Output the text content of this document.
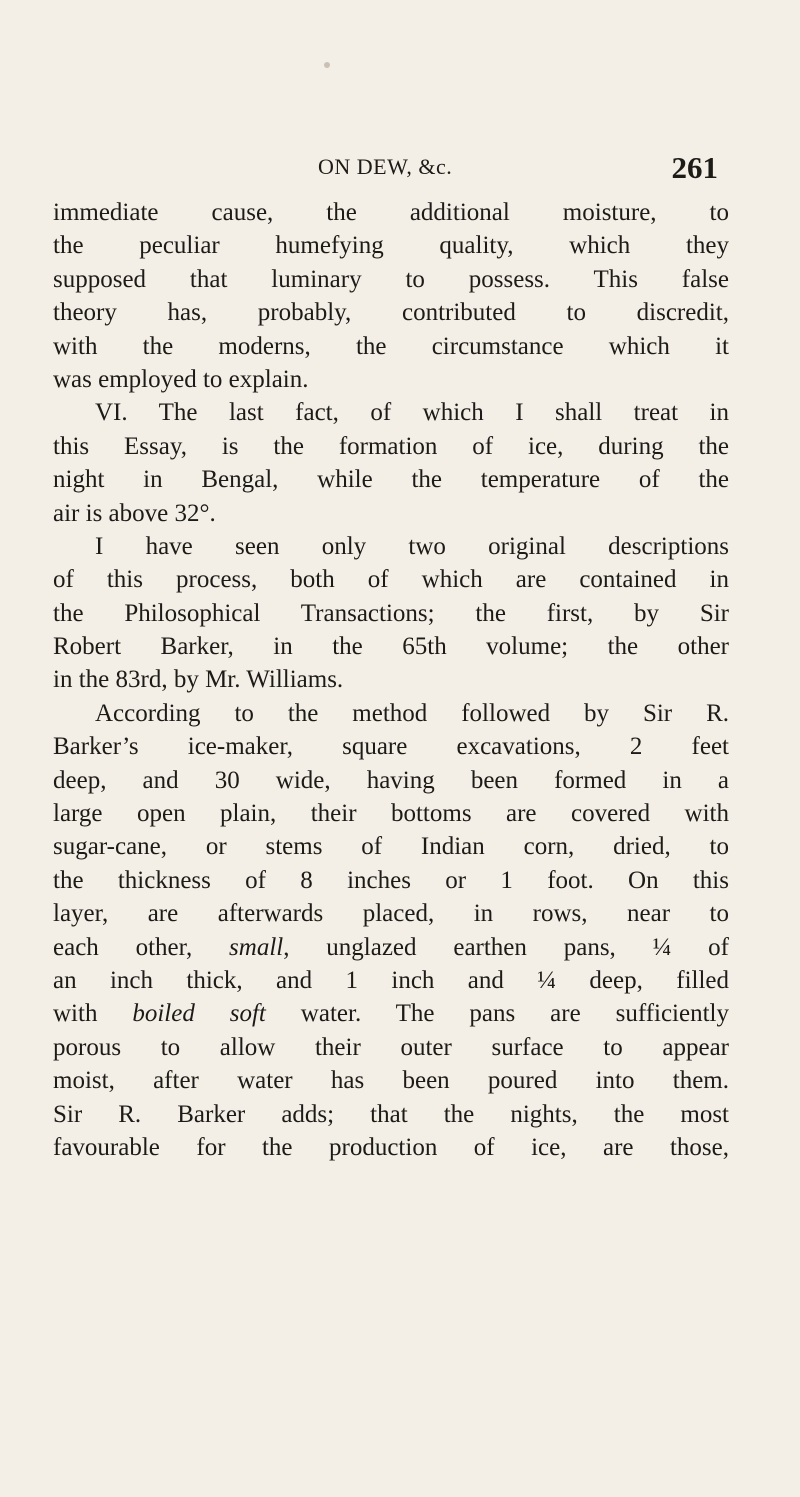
ON DEW, &c.	261
immediate cause, the additional moisture, to
the peculiar humefying quality, which they
supposed that luminary to possess. This false
theory has, probably, contributed to discredit,
with the moderns, the circumstance which it
was employed to explain.
VI. The last fact, of which I shall treat in
this Essay, is the formation of ice, during the
night in Bengal, while the temperature of the
air is above 32°.
I have seen only two original descriptions
of this process, both of which are contained in
the Philosophical Transactions; the first, by Sir
Robert Barker, in the 65th volume; the other
in the 83rd, by Mr. Williams.
According to the method followed by Sir R.
Barker’s ice-maker, square excavations, 2 feet
deep, and 30 wide, having been formed in a
large open plain, their bottoms are covered with
sugar-cane, or stems of Indian corn, dried, to
the thickness of 8 inches or 1 foot. On this
layer, are afterwards placed, in rows, near to
each other, small, unglazed earthen pans, ¼ of
an inch thick, and 1 inch and ¼ deep, filled
with boiled soft water. The pans are sufficiently
porous to allow their outer surface to appear
moist, after water has been poured into them.
Sir R. Barker adds; that the nights, the most
favourable for the production of ice, are those,
